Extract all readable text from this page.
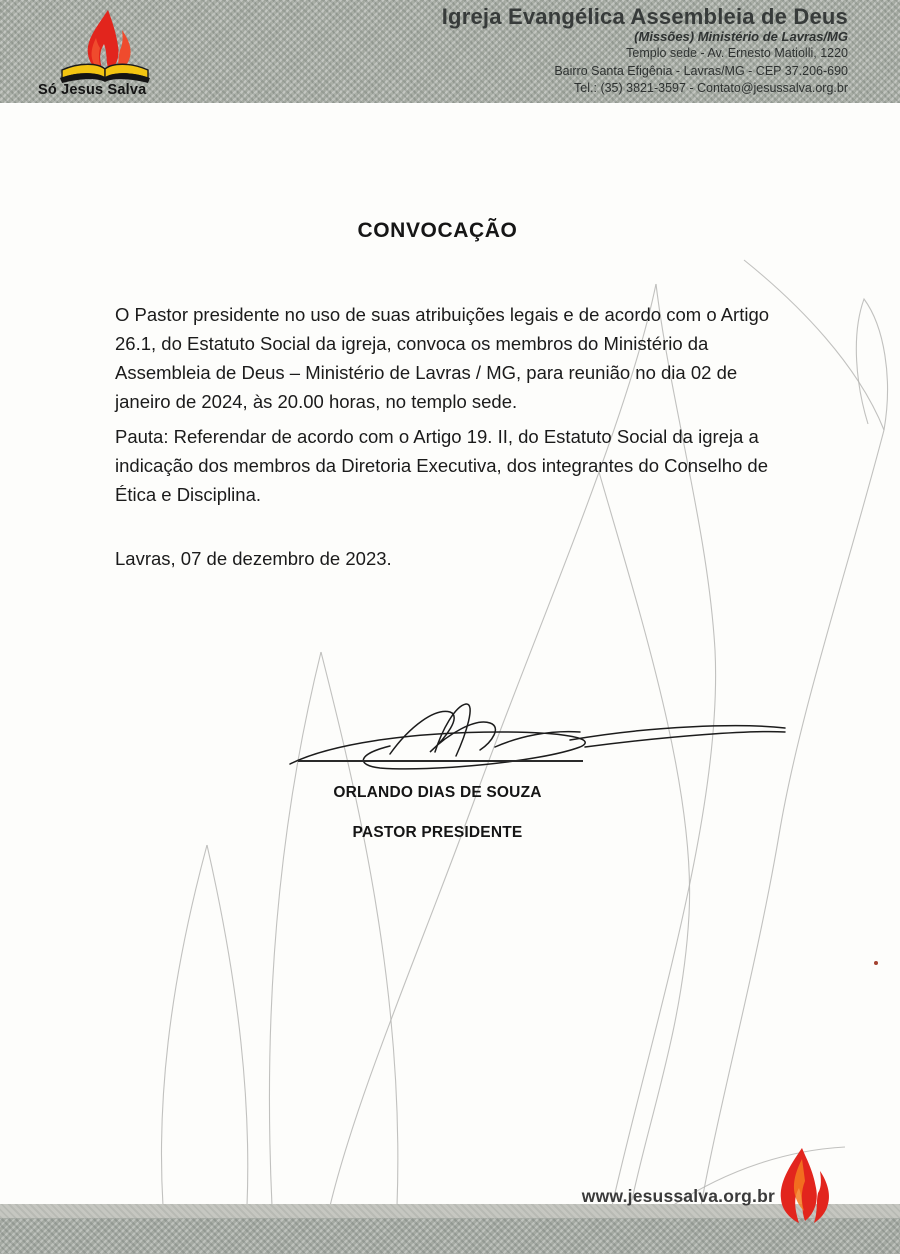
Só Jesus Salva
Igreja Evangélica Assembleia de Deus
(Missões) Ministério de Lavras/MG
Templo sede - Av. Ernesto Matiolli, 1220
Bairro Santa Efigênia - Lavras/MG - CEP 37.206-690
Tel.: (35) 3821-3597 - Contato@jesussalva.org.br
CONVOCAÇÃO
O Pastor presidente no uso de suas atribuições legais e de acordo com o Artigo
26.1, do Estatuto Social da igreja, convoca os membros do Ministério da
Assembleia de Deus – Ministério de Lavras / MG, para reunião no dia 02 de
janeiro de 2024, às 20.00 horas, no templo sede.
Pauta: Referendar de acordo com o Artigo 19. II, do Estatuto Social da igreja a
indicação dos membros da Diretoria Executiva, dos integrantes do Conselho de
Ética e Disciplina.
Lavras, 07 de dezembro de 2023.
ORLANDO DIAS DE SOUZA
PASTOR PRESIDENTE
www.jesussalva.org.br
